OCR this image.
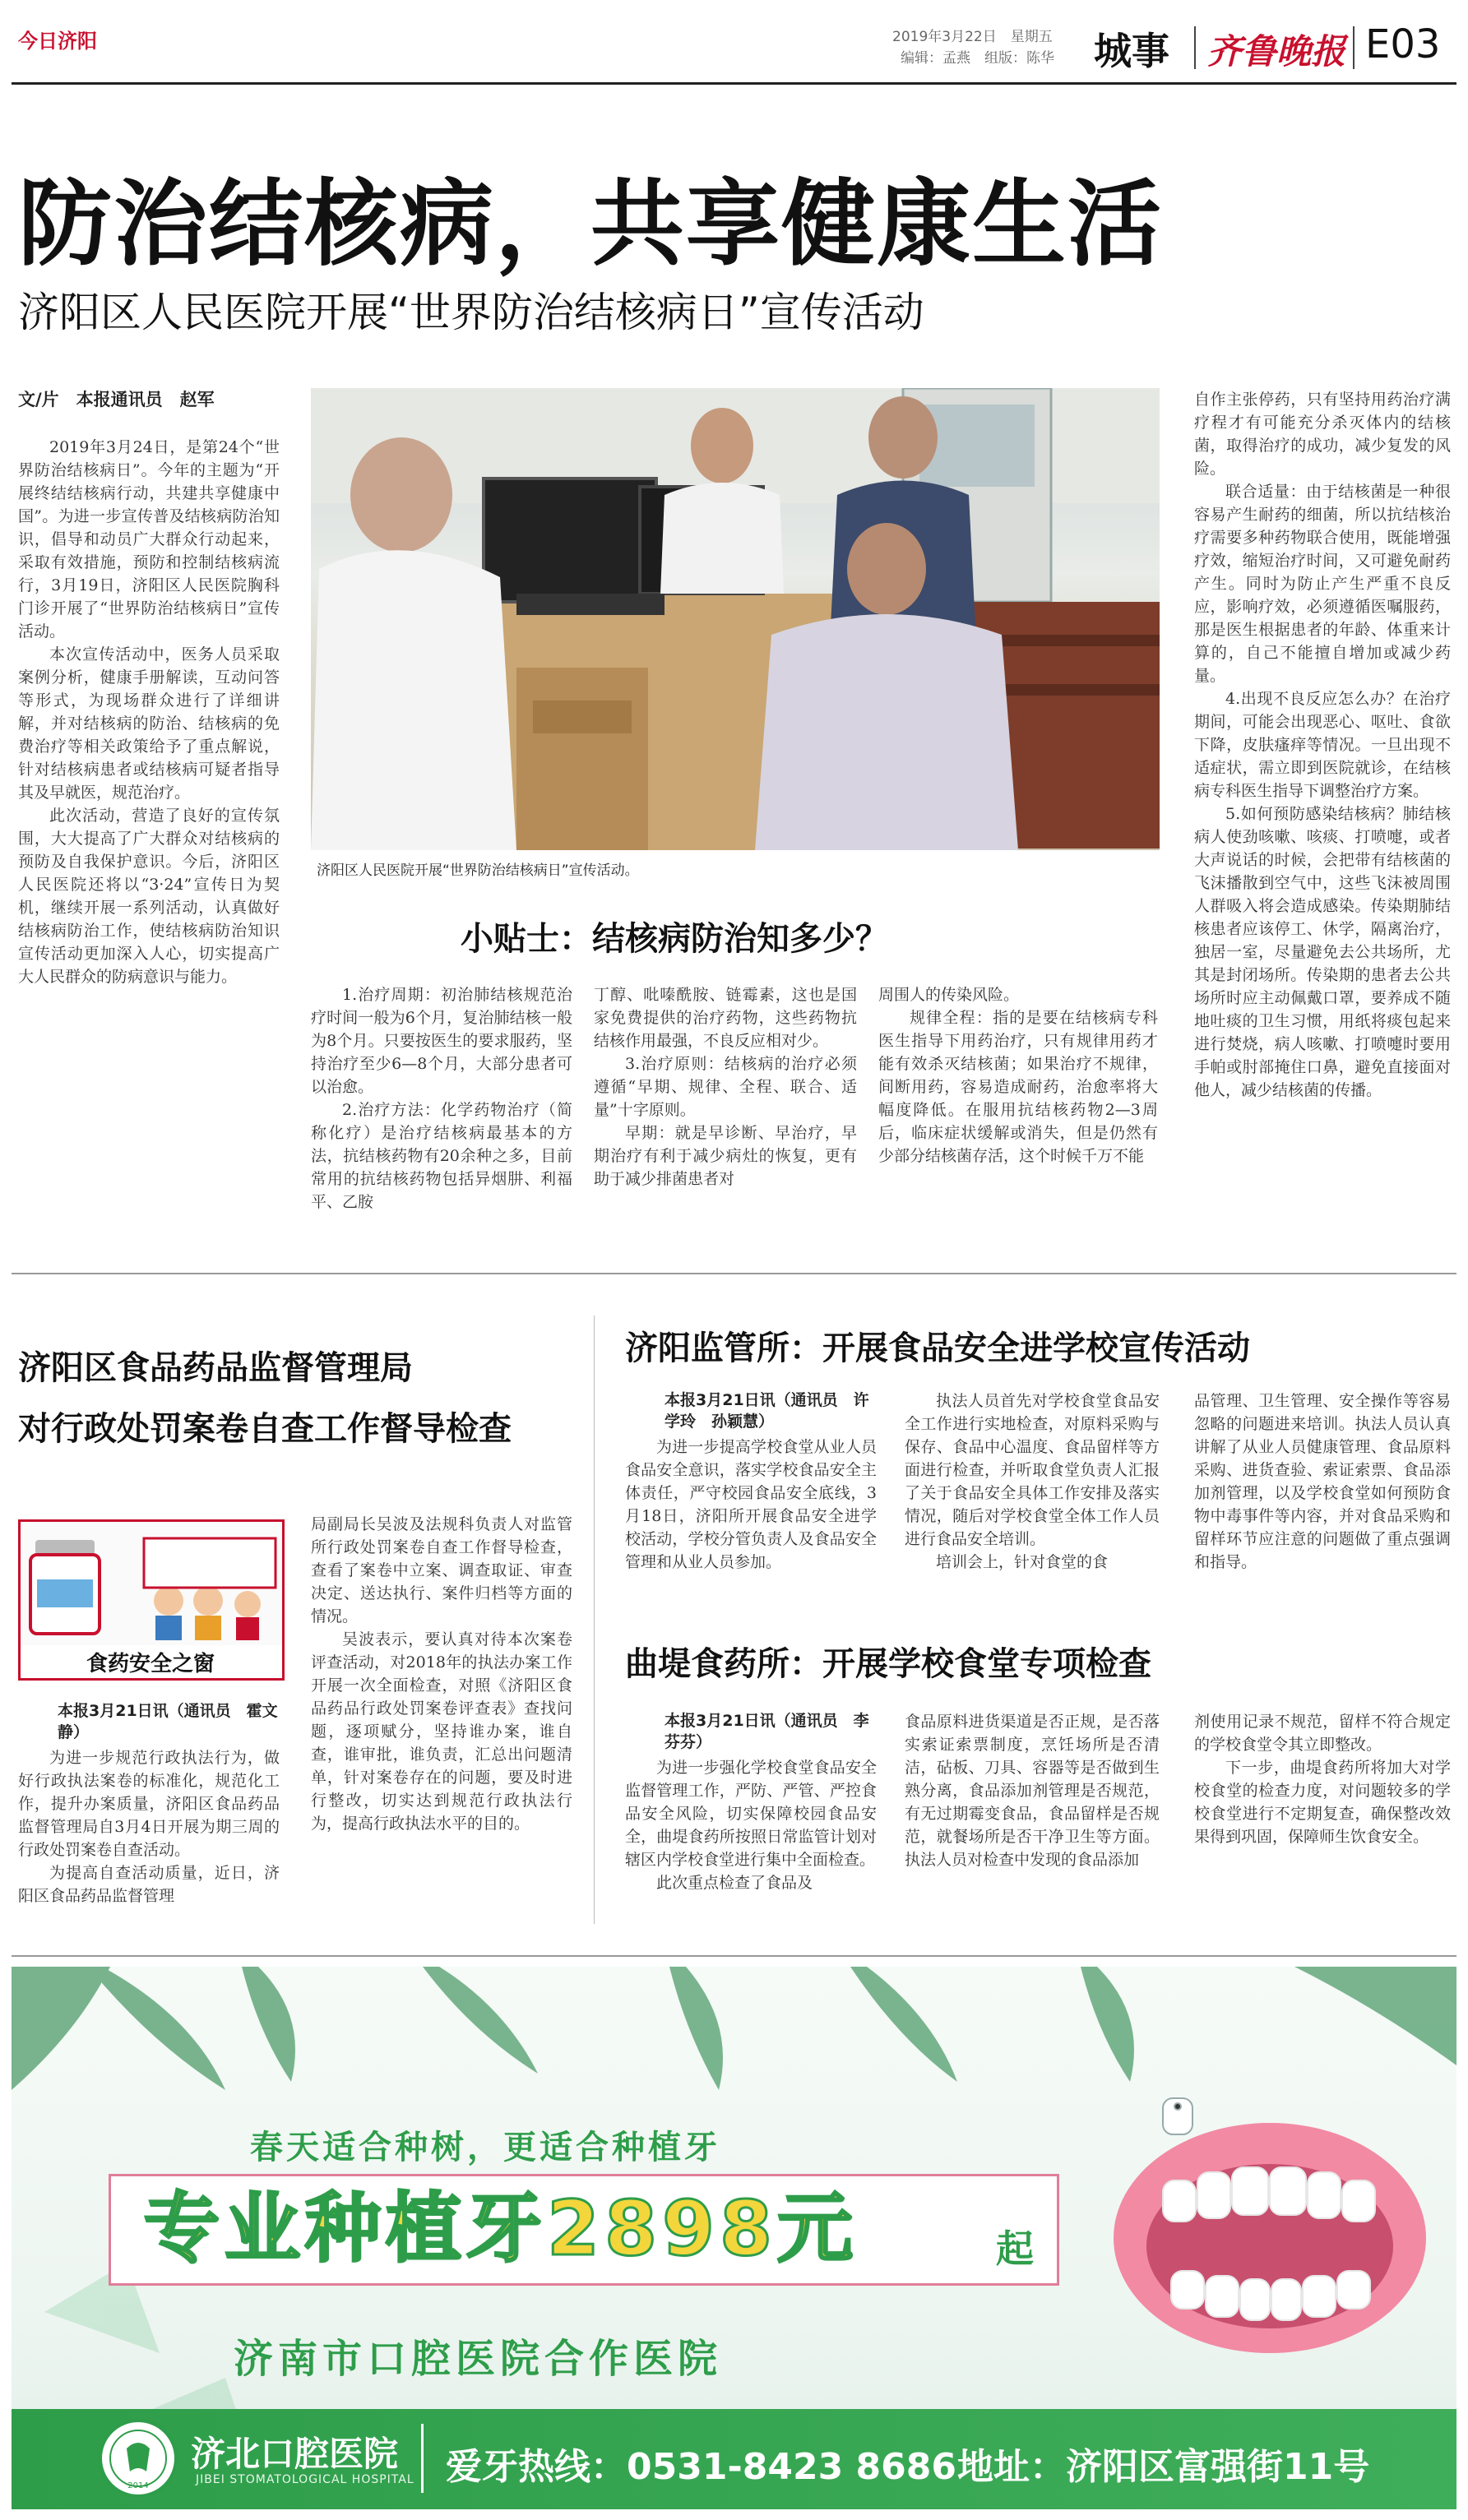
今日济阳	2019年3月22日　星期五
编辑：孟燕　组版：陈华 城事 齐鲁晚报 E03
防治结核病，共享健康生活
济阳区人民医院开展“世界防治结核病日”宣传活动
文/片　本报通讯员　赵军

2019年3月24日，是第24个“世界防治结核病日”。今年的主题为“开展终结结核病行动，共建共享健康中国”。为进一步宣传普及结核病防治知识，倡导和动员广大群众行动起来，采取有效措施，预防和控制结核病流行，3月19日，济阳区人民医院胸科门诊开展了“世界防治结核病日”宣传活动。

本次宣传活动中，医务人员采取案例分析，健康手册解读，互动问答等形式，为现场群众进行了详细讲解，并对结核病的防治、结核病的免费治疗等相关政策给予了重点解说，针对结核病患者或结核病可疑者指导其及早就医，规范治疗。

此次活动，营造了良好的宣传氛围，大大提高了广大群众对结核病的预防及自我保护意识。今后，济阳区人民医院还将以“3·24”宣传日为契机，继续开展一系列活动，认真做好结核病防治工作，使结核病防治知识宣传活动更加深入人心，切实提高广大人民群众的防病意识与能力。

济阳区人民医院开展“世界防治结核病日”宣传活动。
小贴士：结核病防治知多少？

1.治疗周期：初治肺结核规范治疗时间一般为6个月，复治肺结核一般为8个月。只要按医生的要求服药，坚持治疗至少6—8个月，大部分患者可以治愈。

2.治疗方法：化学药物治疗（简称化疗）是治疗结核病最基本的方法，抗结核药物有20余种之多，目前常用的抗结核药物包括异烟肼、利福平、乙胺

丁醇、吡嗪酰胺、链霉素，这也是国家免费提供的治疗药物，这些药物抗结核作用最强，不良反应相对少。

3.治疗原则：结核病的治疗必须遵循“早期、规律、全程、联合、适量”十字原则。

早期：就是早诊断、早治疗，早期治疗有利于减少病灶的恢复，更有助于减少排菌患者对

周围人的传染风险。

规律全程：指的是要在结核病专科医生指导下用药治疗，只有规律用药才能有效杀灭结核菌；如果治疗不规律，间断用药，容易造成耐药，治愈率将大幅度降低。在服用抗结核药物2—3周后，临床症状缓解或消失，但是仍然有少部分结核菌存活，这个时候千万不能

自作主张停药，只有坚持用药治疗满疗程才有可能充分杀灭体内的结核菌，取得治疗的成功，减少复发的风险。

联合适量：由于结核菌是一种很容易产生耐药的细菌，所以抗结核治疗需要多种药物联合使用，既能增强疗效，缩短治疗时间，又可避免耐药产生。同时为防止产生严重不良反应，影响疗效，必须遵循医嘱服药，那是医生根据患者的年龄、体重来计算的，自己不能擅自增加或减少药量。

4.出现不良反应怎么办？在治疗期间，可能会出现恶心、呕吐、食欲下降，皮肤瘙痒等情况。一旦出现不适症状，需立即到医院就诊，在结核病专科医生指导下调整治疗方案。

5.如何预防感染结核病？肺结核病人使劲咳嗽、咳痰、打喷嚏，或者大声说话的时候，会把带有结核菌的飞沫播散到空气中，这些飞沫被周围人群吸入将会造成感染。传染期肺结核患者应该停工、休学，隔离治疗，独居一室，尽量避免去公共场所，尤其是封闭场所。传染期的患者去公共场所时应主动佩戴口罩，要养成不随地吐痰的卫生习惯，用纸将痰包起来进行焚烧，病人咳嗽、打喷嚏时要用手帕或肘部掩住口鼻，避免直接面对他人，减少结核菌的传播。

济阳区食品药品监督管理局
对行政处罚案卷自查工作督导检查
食药安全之窗
本报3月21日讯（通讯员　霍文静）

为进一步规范行政执法行为，做好行政执法案卷的标准化，规范化工作，提升办案质量，济阳区食品药品监督管理局自3月4日开展为期三周的行政处罚案卷自查活动。

为提高自查活动质量，近日，济阳区食品药品监督管理

局副局长吴波及法规科负责人对监管所行政处罚案卷自查工作督导检查，查看了案卷中立案、调查取证、审查决定、送达执行、案件归档等方面的情况。

吴波表示，要认真对待本次案卷评查活动，对2018年的执法办案工作开展一次全面检查，对照《济阳区食品药品行政处罚案卷评查表》查找问题，逐项赋分，坚持谁办案，谁自查，谁审批，谁负责，汇总出问题清单，针对案卷存在的问题，要及时进行整改，切实达到规范行政执法行为，提高行政执法水平的目的。

济阳监管所：开展食品安全进学校宣传活动
本报3月21日讯（通讯员　许学玲　孙颖慧）

为进一步提高学校食堂从业人员食品安全意识，落实学校食品安全主体责任，严守校园食品安全底线，3月18日，济阳所开展食品安全进学校活动，学校分管负责人及食品安全管理和从业人员参加。

执法人员首先对学校食堂食品安全工作进行实地检查，对原料采购与保存、食品中心温度、食品留样等方面进行检查，并听取食堂负责人汇报了关于食品安全具体工作安排及落实情况，随后对学校食堂全体工作人员进行食品安全培训。

培训会上，针对食堂的食

品管理、卫生管理、安全操作等容易忽略的问题进来培训。执法人员认真讲解了从业人员健康管理、食品原料采购、进货查验、索证索票、食品添加剂管理，以及学校食堂如何预防食物中毒事件等内容，并对食品采购和留样环节应注意的问题做了重点强调和指导。

曲堤食药所：开展学校食堂专项检查
本报3月21日讯（通讯员　李芬芬）

为进一步强化学校食堂食品安全监督管理工作，严防、严管、严控食品安全风险，切实保障校园食品安全，曲堤食药所按照日常监管计划对辖区内学校食堂进行集中全面检查。

此次重点检查了食品及

食品原料进货渠道是否正规，是否落实索证索票制度，烹饪场所是否清洁，砧板、刀具、容器等是否做到生熟分离，食品添加剂管理是否规范，有无过期霉变食品，食品留样是否规范，就餐场所是否干净卫生等方面。执法人员对检查中发现的食品添加

剂使用记录不规范，留样不符合规定的学校食堂令其立即整改。

下一步，曲堤食药所将加大对学校食堂的检查力度，对问题较多的学校食堂进行不定期复查，确保整改效果得到巩固，保障师生饮食安全。

春天适合种树，更适合种植牙
专业种植牙2898元	起
济南市口腔医院合作医院
2014
济北口腔医院
JIBEI STOMATOLOGICAL HOSPITAL 爱牙热线：0531-8423 8686 地址：济阳区富强街11号
